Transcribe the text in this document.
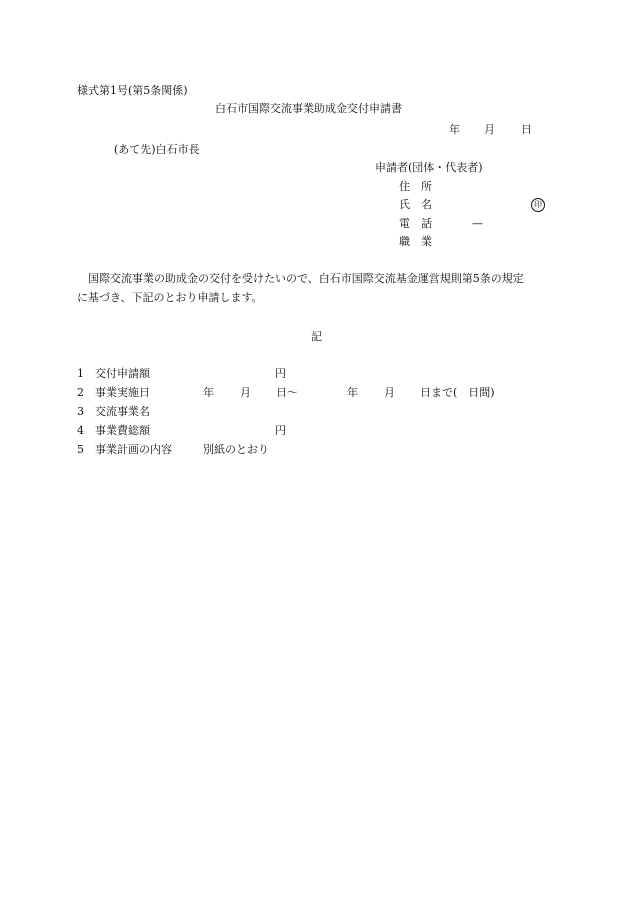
様式第1号(第5条関係)
白石市国際交流事業助成金交付申請書
年 月 日
(あて先)白石市長
申請者(団体・代表者)
住　所
氏　名	印
電　話	—
職　業
国際交流事業の助成金の交付を受けたいので、白石市国際交流基金運営規則第5条の規定
に基づき、下記のとおり申請します。
記
1 交付申請額	円
2 事業実施日	年 月 日〜	年 月 日まで(　日間)
3 交流事業名
4 事業費総額	円
5 事業計画の内容	別紙のとおり
